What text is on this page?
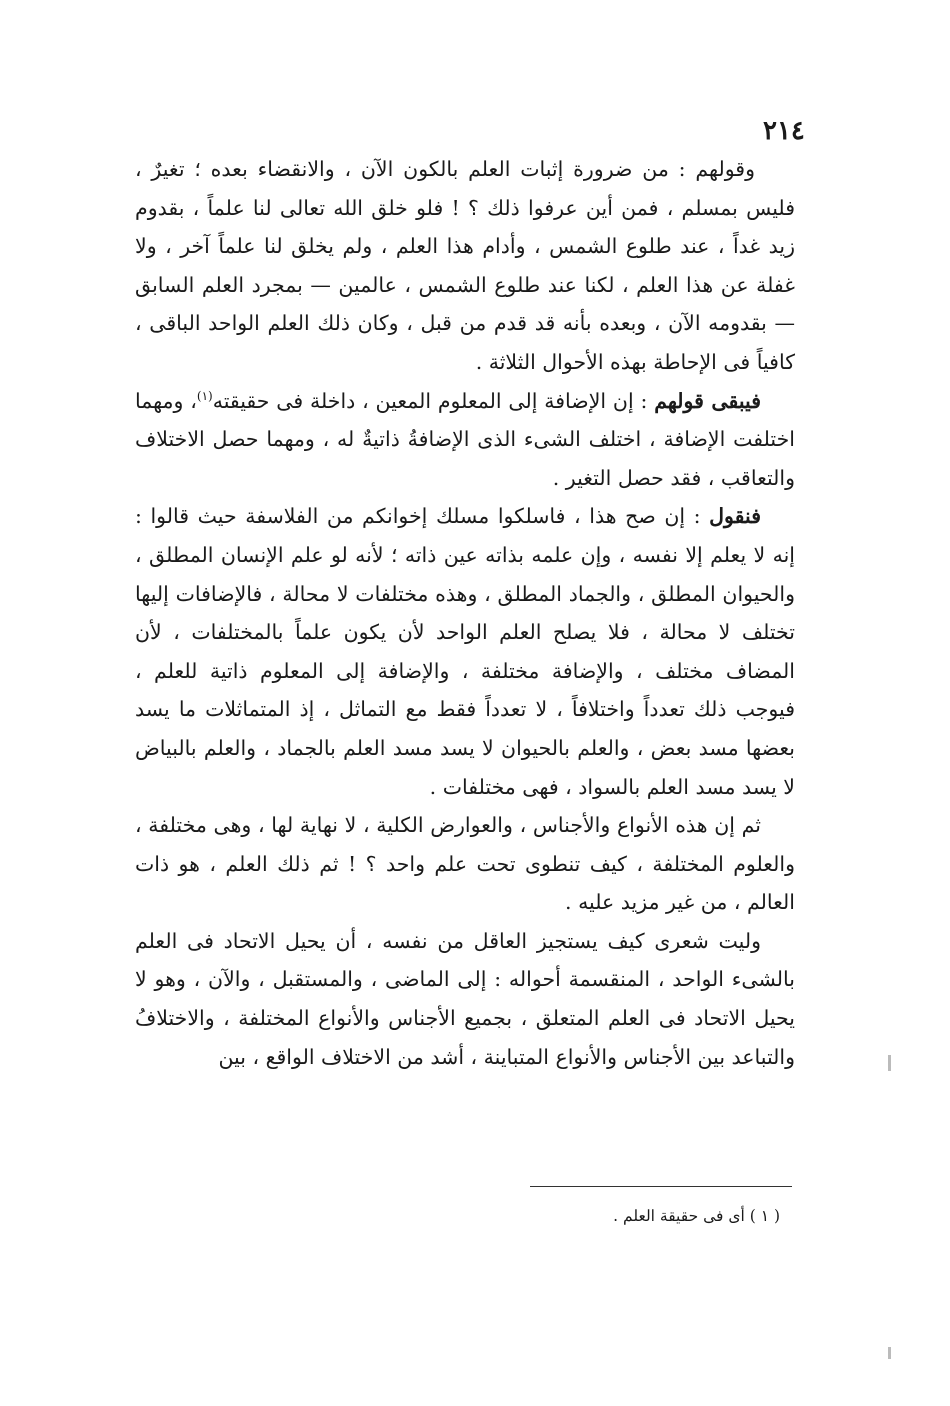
٢١٤

وقولهم : من ضرورة إثبات العلم بالكون الآن ، والانقضاء بعده ؛ تغيرٌ ، فليس بمسلم ، فمن أين عرفوا ذلك ؟ ! فلو خلق الله تعالى لنا علماً ، بقدوم زيد غداً ، عند طلوع الشمس ، وأدام هذا العلم ، ولم يخلق لنا علماً آخر ، ولا غفلة عن هذا العلم ، لكنا عند طلوع الشمس ، عالمين — بمجرد العلم السابق — بقدومه الآن ، وبعده بأنه قد قدم من قبل ، وكان ذلك العلم الواحد الباقى ، كافياً فى الإحاطة بهذه الأحوال الثلاثة .

فيبقى قولهم : إن الإضافة إلى المعلوم المعين ، داخلة فى حقيقته$^{(١)}$، ومهما اختلفت الإضافة ، اختلف الشىء الذى الإضافةُ ذاتيةٌ له ، ومهما حصل الاختلاف والتعاقب ، فقد حصل التغير .

فنقول : إن صح هذا ، فاسلكوا مسلك إخوانكم من الفلاسفة حيث قالوا : إنه لا يعلم إلا نفسه ، وإن علمه بذاته عين ذاته ؛ لأنه لو علم الإنسان المطلق ، والحيوان المطلق ، والجماد المطلق ، وهذه مختلفات لا محالة ، فالإضافات إليها تختلف لا محالة ، فلا يصلح العلم الواحد لأن يكون علماً بالمختلفات ، لأن المضاف مختلف ، والإضافة مختلفة ، والإضافة إلى المعلوم ذاتية للعلم ، فيوجب ذلك تعدداً واختلافاً ، لا تعدداً فقط مع التماثل ، إذ المتماثلات ما يسد بعضها مسد بعض ، والعلم بالحيوان لا يسد مسد العلم بالجماد ، والعلم بالبياض لا يسد مسد العلم بالسواد ، فهى مختلفات .

ثم إن هذه الأنواع والأجناس ، والعوارض الكلية ، لا نهاية لها ، وهى مختلفة ، والعلوم المختلفة ، كيف تنطوى تحت علم واحد ؟ ! ثم ذلك العلم ، هو ذات العالم ، من غير مزيد عليه .

وليت شعرى كيف يستجيز العاقل من نفسه ، أن يحيل الاتحاد فى العلم بالشىء الواحد ، المنقسمة أحواله : إلى الماضى ، والمستقبل ، والآن ، وهو لا يحيل الاتحاد فى العلم المتعلق ، بجميع الأجناس والأنواع المختلفة ، والاختلافُ والتباعد بين الأجناس والأنواع المتباينة ، أشد من الاختلاف الواقع ، بين

( ١ ) أى فى حقيقة العلم .
